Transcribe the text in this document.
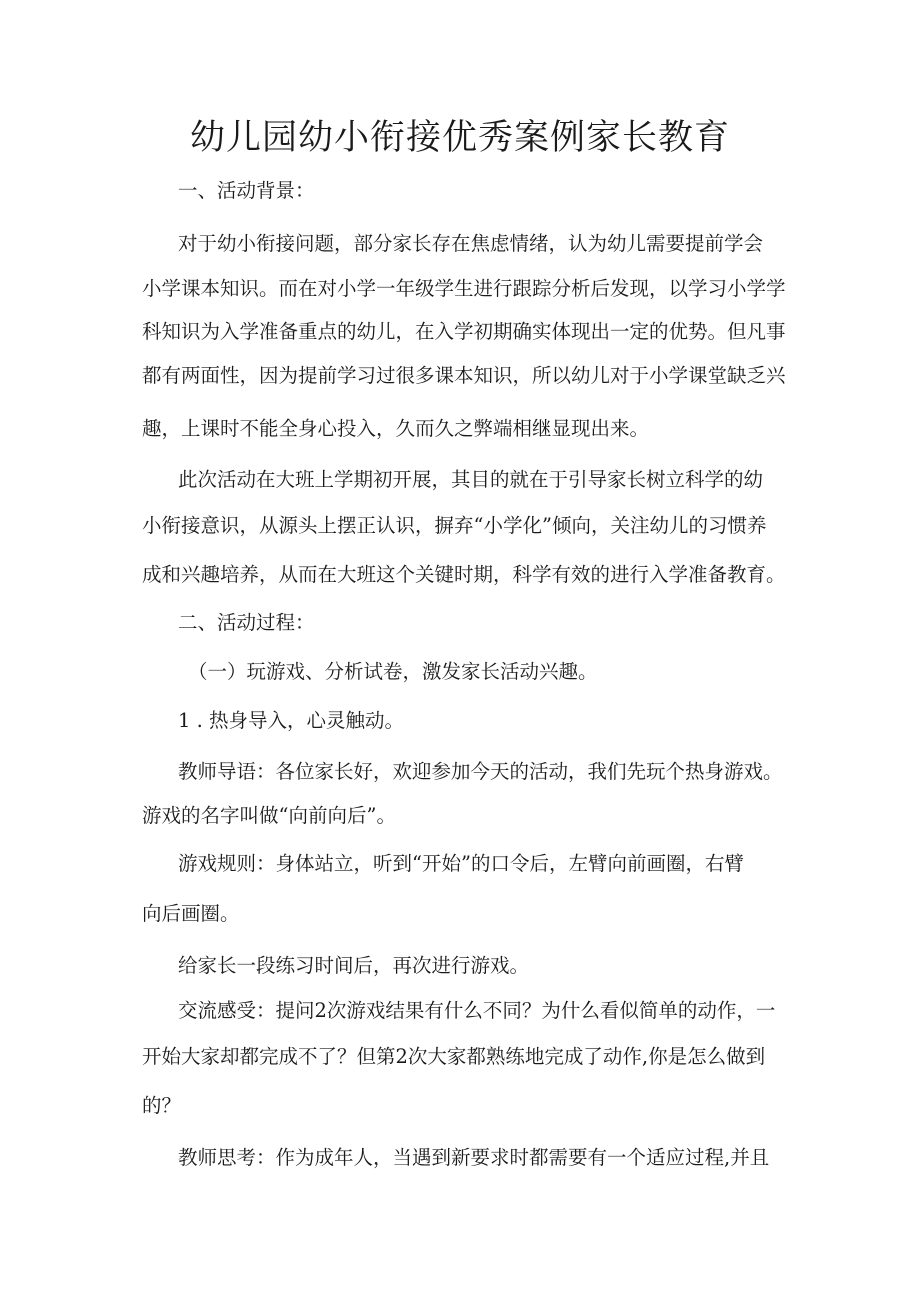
幼儿园幼小衔接优秀案例家长教育
一、活动背景：
对于幼小衔接问题，部分家长存在焦虑情绪，认为幼儿需要提前学会
小学课本知识。而在对小学一年级学生进行跟踪分析后发现，以学习小学学
科知识为入学准备重点的幼儿，在入学初期确实体现出一定的优势。但凡事
都有两面性，因为提前学习过很多课本知识，所以幼儿对于小学课堂缺乏兴
趣，上课时不能全身心投入，久而久之弊端相继显现出来。
此次活动在大班上学期初开展，其目的就在于引导家长树立科学的幼
小衔接意识，从源头上摆正认识，摒弃“小学化”倾向，关注幼儿的习惯养
成和兴趣培养，从而在大班这个关键时期，科学有效的进行入学准备教育。
二、活动过程：
（一）玩游戏、分析试卷，激发家长活动兴趣。
1 . 热身导入，心灵触动。
教师导语：各位家长好，欢迎参加今天的活动，我们先玩个热身游戏。
游戏的名字叫做“向前向后”。
游戏规则：身体站立，听到“开始”的口令后，左臂向前画圈，右臂
向后画圈。
给家长一段练习时间后，再次进行游戏。
交流感受：提问2次游戏结果有什么不同？为什么看似简单的动作，一
开始大家却都完成不了？但第2次大家都熟练地完成了动作,你是怎么做到
的？
教师思考：作为成年人，当遇到新要求时都需要有一个适应过程,并且
